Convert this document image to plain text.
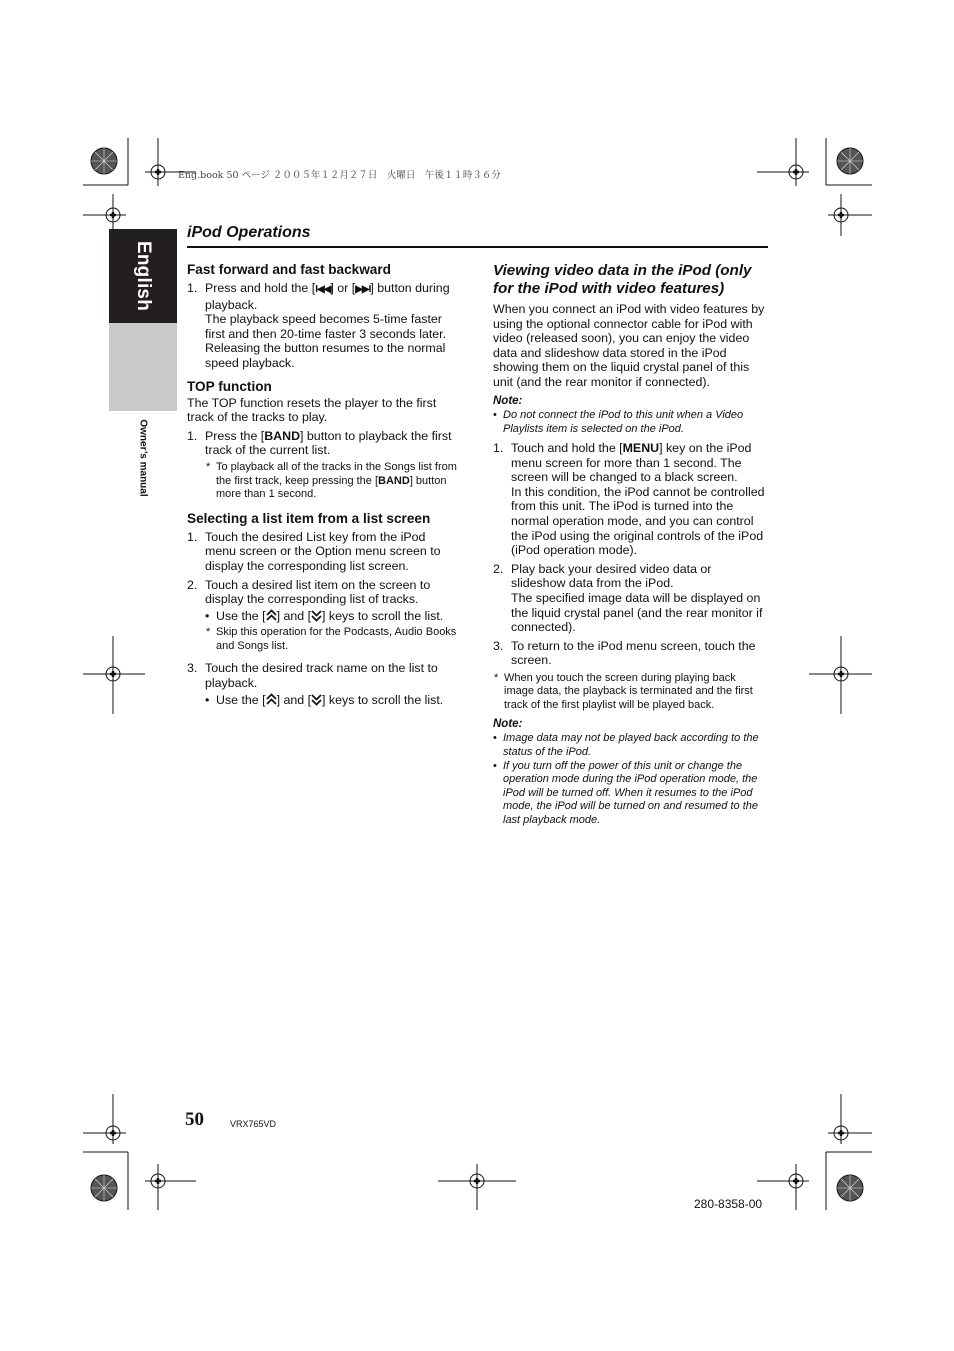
Eng.book 50 ページ ２００５年１２月２７日　火曜日　午後１１時３６分
English
Owner’s manual
iPod Operations
Fast forward and fast backward
1. Press and hold the [I◀◀] or [▶▶I] button during playback.

The playback speed becomes 5-time faster first and then 20-time faster 3 seconds later. Releasing the button resumes to the normal speed playback.

TOP function

The TOP function resets the player to the first track of the tracks to play.

1. Press the [BAND] button to playback the first track of the current list.

* To playback all of the tracks in the Songs list from the first track, keep pressing the [BAND] button more than 1 second.

Selecting a list item from a list screen
1. Touch the desired List key from the iPod menu screen or the Option menu screen to display the corresponding list screen.

2. Touch a desired list item on the screen to display the corresponding list of tracks.

• Use the [ ] and [ ] keys to scroll the list.

* Skip this operation for the Podcasts, Audio Books and Songs list.

3. Touch the desired track name on the list to playback.

• Use the [ ] and [ ] keys to scroll the list.

Viewing video data in the iPod (only for the iPod with video features)

When you connect an iPod with video features by using the optional connector cable for iPod with video (released soon), you can enjoy the video data and slideshow data stored in the iPod showing them on the liquid crystal panel of this unit (and the rear monitor if connected).

Note:
• Do not connect the iPod to this unit when a Video Playlists item is selected on the iPod.

1. Touch and hold the [MENU] key on the iPod menu screen for more than 1 second. The screen will be changed to a black screen.

In this condition, the iPod cannot be controlled from this unit. The iPod is turned into the normal operation mode, and you can control the iPod using the original controls of the iPod (iPod operation mode).

2. Play back your desired video data or slideshow data from the iPod.

The specified image data will be displayed on the liquid crystal panel (and the rear monitor if connected).

3. To return to the iPod menu screen, touch the screen.

* When you touch the screen during playing back image data, the playback is terminated and the first track of the first playlist will be played back.

Note:
• Image data may not be played back according to the status of the iPod.

• If you turn off the power of this unit or change the operation mode during the iPod operation mode, the iPod will be turned off. When it resumes to the iPod mode, the iPod will be turned on and resumed to the last playback mode.

50	VRX765VD
280-8358-00
